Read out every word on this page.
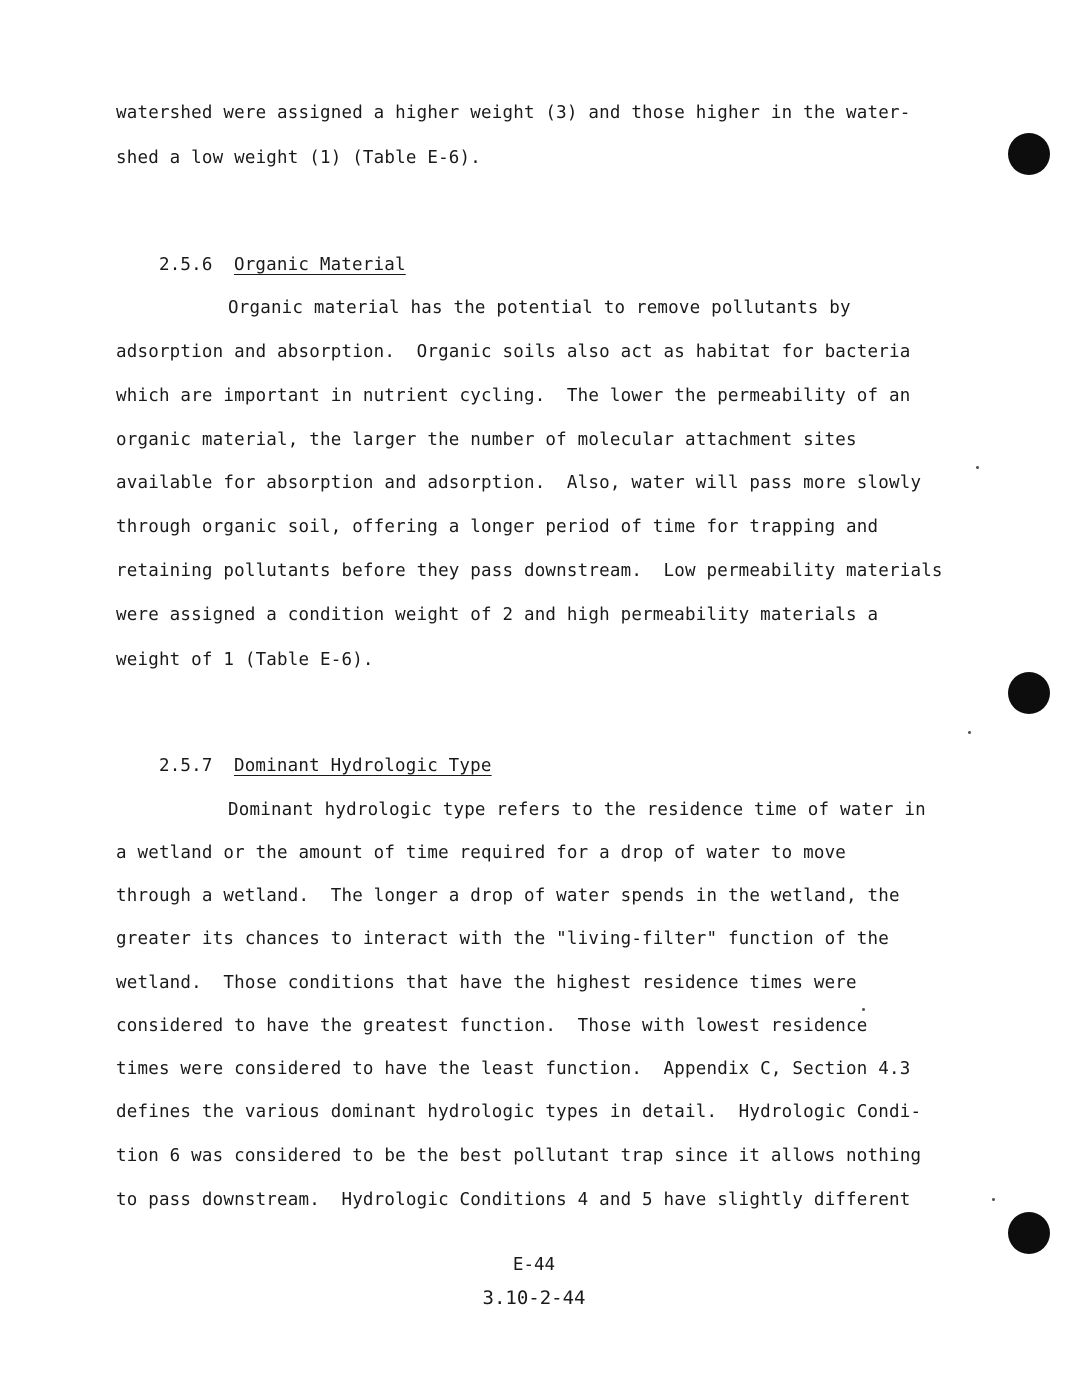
watershed were assigned a higher weight (3) and those higher in the water-
shed a low weight (1) (Table E-6).

2.5.6 Organic Material

Organic material has the potential to remove pollutants by
adsorption and absorption.  Organic soils also act as habitat for bacteria
which are important in nutrient cycling.  The lower the permeability of an
organic material, the larger the number of molecular attachment sites
available for absorption and adsorption.  Also, water will pass more slowly
through organic soil, offering a longer period of time for trapping and
retaining pollutants before they pass downstream.  Low permeability materials
were assigned a condition weight of 2 and high permeability materials a
weight of 1 (Table E-6).

2.5.7 Dominant Hydrologic Type

Dominant hydrologic type refers to the residence time of water in
a wetland or the amount of time required for a drop of water to move
through a wetland.  The longer a drop of water spends in the wetland, the
greater its chances to interact with the "living-filter" function of the
wetland.  Those conditions that have the highest residence times were
considered to have the greatest function.  Those with lowest residence
times were considered to have the least function.  Appendix C, Section 4.3
defines the various dominant hydrologic types in detail.  Hydrologic Condi-
tion 6 was considered to be the best pollutant trap since it allows nothing
to pass downstream.  Hydrologic Conditions 4 and 5 have slightly different
E-44
3.10-2-44
